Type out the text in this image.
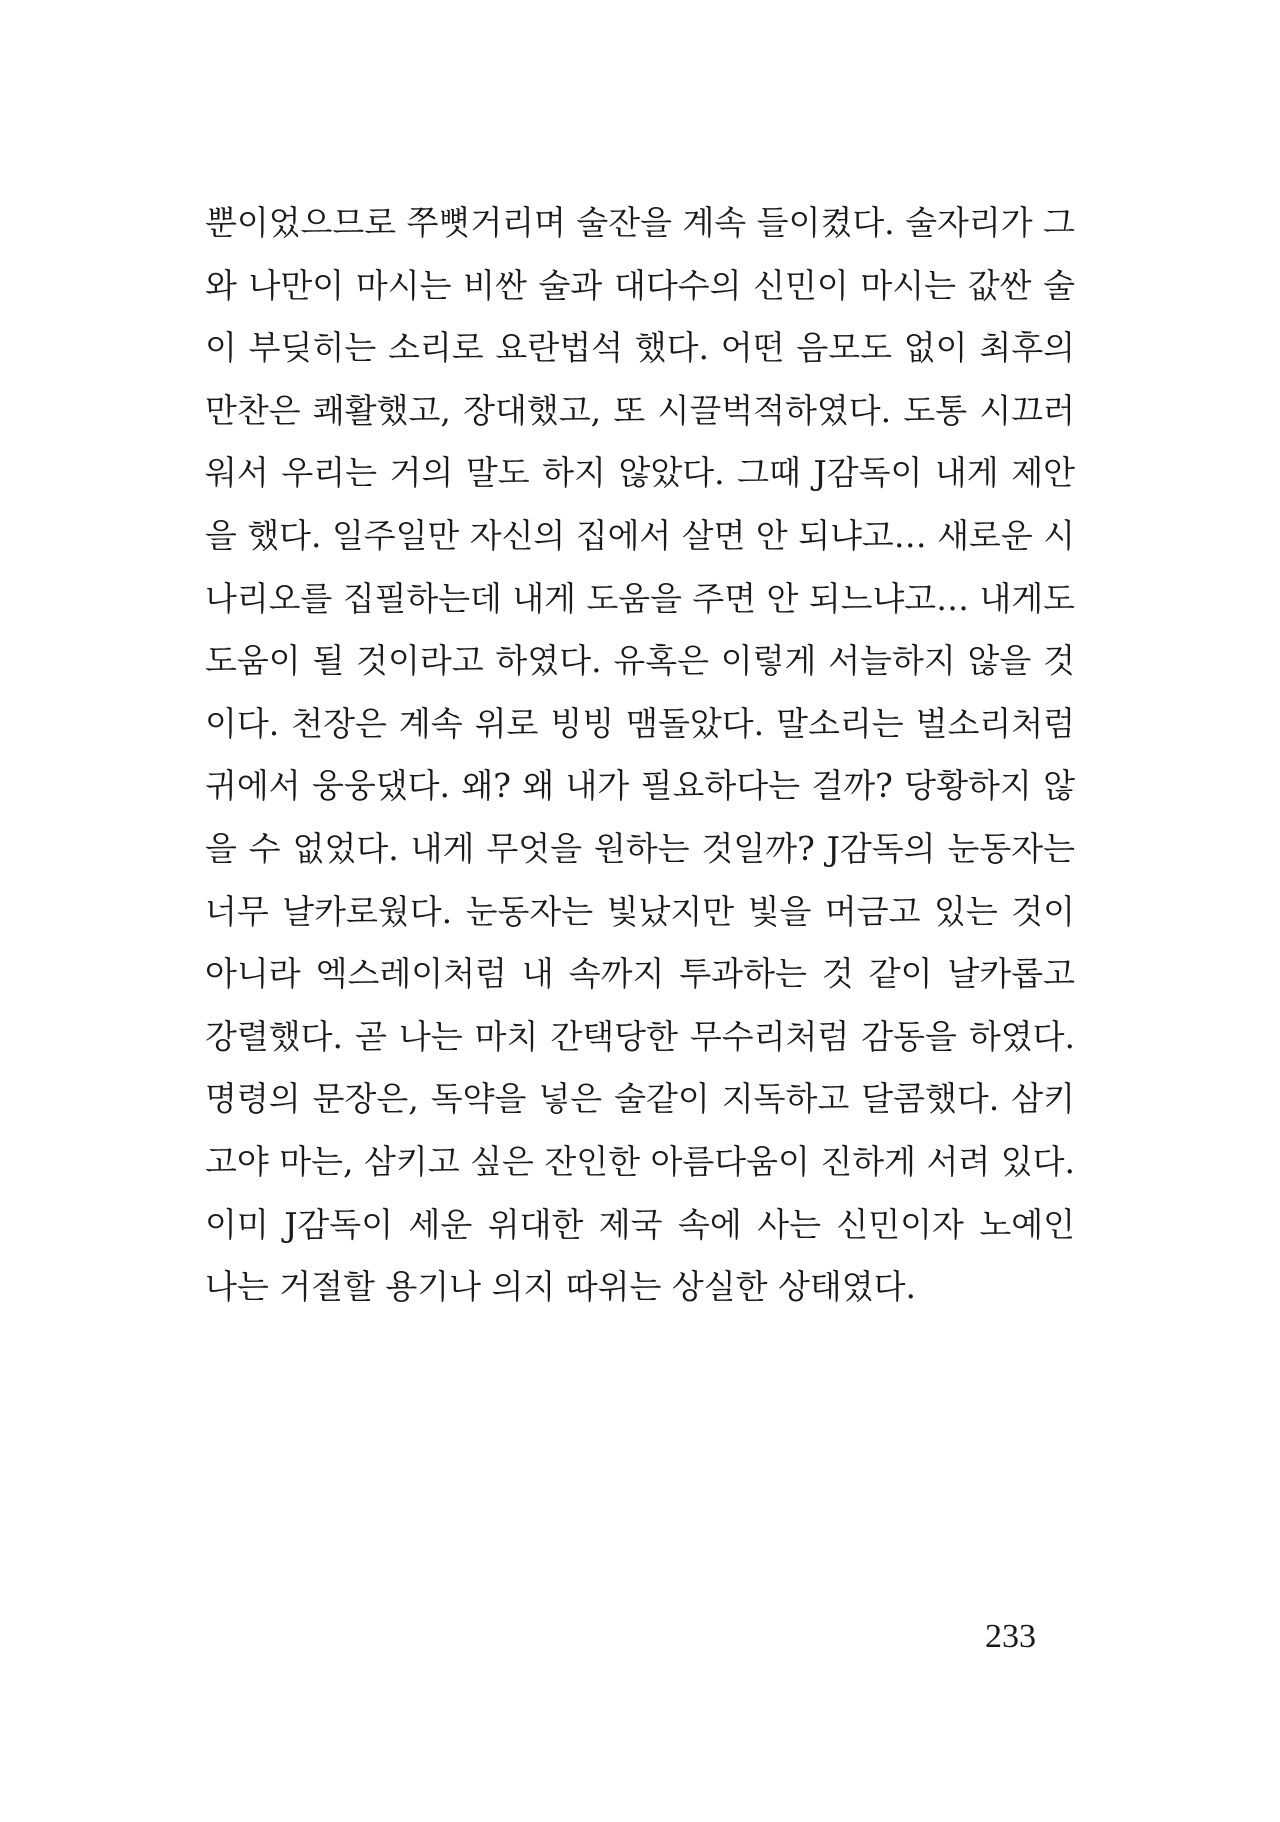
뿐이었으므로 쭈뼛거리며 술잔을 계속 들이켰다. 술자리가 그
와 나만이 마시는 비싼 술과 대다수의 신민이 마시는 값싼 술
이 부딪히는 소리로 요란법석 했다. 어떤 음모도 없이 최후의
만찬은 쾌활했고, 장대했고, 또 시끌벅적하였다. 도통 시끄러
워서 우리는 거의 말도 하지 않았다. 그때 J감독이 내게 제안
을 했다. 일주일만 자신의 집에서 살면 안 되냐고… 새로운 시
나리오를 집필하는데 내게 도움을 주면 안 되느냐고… 내게도
도움이 될 것이라고 하였다. 유혹은 이렇게 서늘하지 않을 것
이다. 천장은 계속 위로 빙빙 맴돌았다. 말소리는 벌소리처럼
귀에서 웅웅댔다. 왜? 왜 내가 필요하다는 걸까? 당황하지 않
을 수 없었다. 내게 무엇을 원하는 것일까? J감독의 눈동자는
너무 날카로웠다. 눈동자는 빛났지만 빛을 머금고 있는 것이
아니라 엑스레이처럼 내 속까지 투과하는 것 같이 날카롭고
강렬했다. 곧 나는 마치 간택당한 무수리처럼 감동을 하였다.
명령의 문장은, 독약을 넣은 술같이 지독하고 달콤했다. 삼키
고야 마는, 삼키고 싶은 잔인한 아름다움이 진하게 서려 있다.
이미 J감독이 세운 위대한 제국 속에 사는 신민이자 노예인
나는 거절할 용기나 의지 따위는 상실한 상태였다.
233
